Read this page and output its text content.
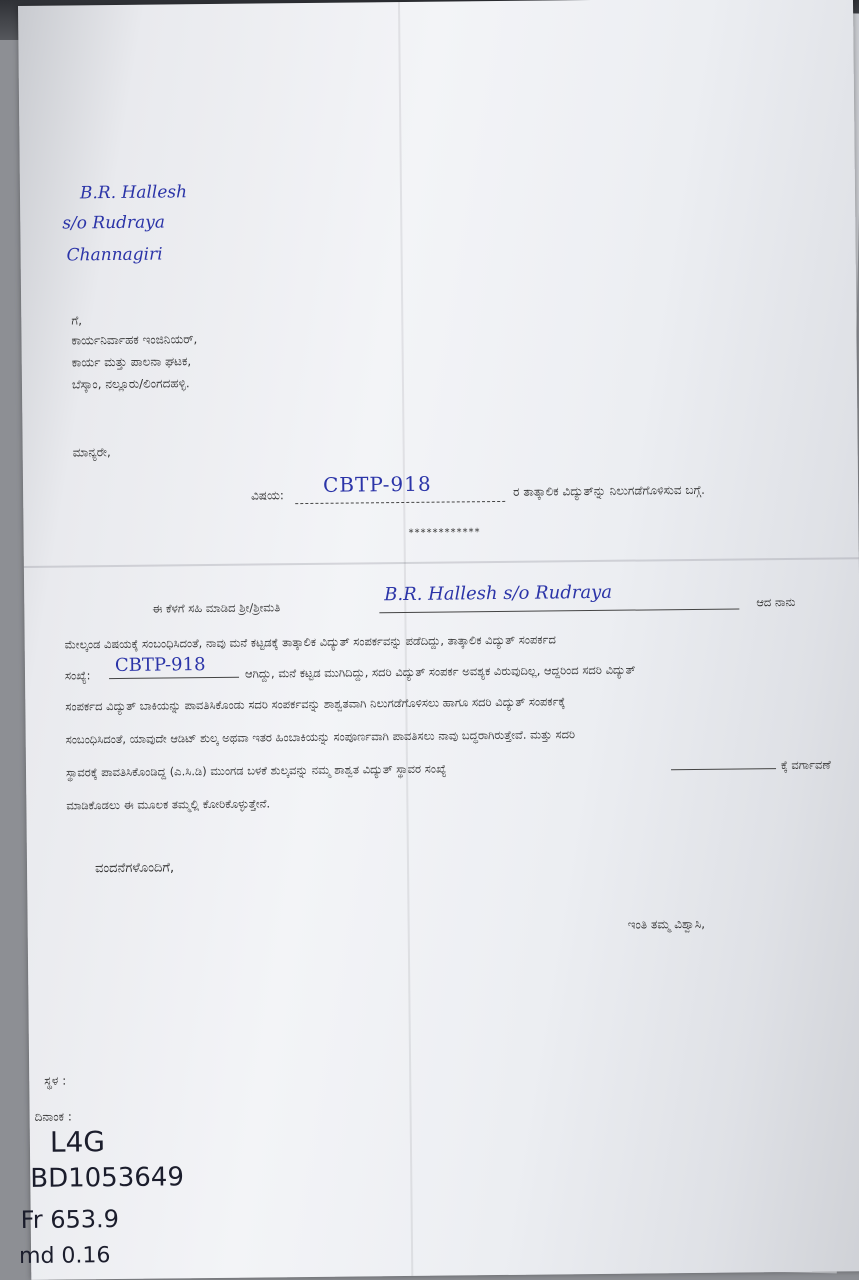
B.R. Hallesh
s/o Rudraya
Channagiri
ಗೆ,
ಕಾರ್ಯನಿರ್ವಾಹಕ ಇಂಜಿನಿಯರ್,
ಕಾರ್ಯ ಮತ್ತು ಪಾಲನಾ ಘಟಕ,
ಬೆಸ್ಕಾಂ, ನಲ್ಲೂರು/ಲಿಂಗದಹಳ್ಳಿ.
ಮಾನ್ಯರೇ,
ವಿಷಯ: CBTP-918	ರ ತಾತ್ಕಾಲಿಕ ವಿದ್ಯುತ್‌ನ್ನು ನಿಲುಗಡೆಗೊಳಿಸುವ ಬಗ್ಗೆ.
************
ಈ ಕೆಳಗೆ ಸಹಿ ಮಾಡಿದ ಶ್ರೀ/ಶ್ರೀಮತಿ
B.R. Hallesh s/o Rudraya	ಆದ ನಾನು
ಮೇಲ್ಕಂಡ ವಿಷಯಕ್ಕೆ ಸಂಬಂಧಿಸಿದಂತೆ, ನಾವು ಮನೆ ಕಟ್ಟಡಕ್ಕೆ ತಾತ್ಕಾಲಿಕ ವಿದ್ಯುತ್ ಸಂಪರ್ಕವನ್ನು ಪಡೆದಿದ್ದು, ತಾತ್ಕಾಲಿಕ ವಿದ್ಯುತ್ ಸಂಪರ್ಕದ
ಸಂಖ್ಯೆ: CBTP-918	ಆಗಿದ್ದು, ಮನೆ ಕಟ್ಟಡ ಮುಗಿದಿದ್ದು, ಸದರಿ ವಿದ್ಯುತ್ ಸಂಪರ್ಕ ಅವಶ್ಯಕ ವಿರುವುದಿಲ್ಲ, ಆದ್ದರಿಂದ ಸದರಿ ವಿದ್ಯುತ್
ಸಂಪರ್ಕದ ವಿದ್ಯುತ್ ಬಾಕಿಯನ್ನು ಪಾವತಿಸಿಕೊಂಡು ಸದರಿ ಸಂಪರ್ಕವನ್ನು ಶಾಶ್ವತವಾಗಿ ನಿಲುಗಡೆಗೊಳಿಸಲು ಹಾಗೂ ಸದರಿ ವಿದ್ಯುತ್ ಸಂಪರ್ಕಕ್ಕೆ
ಸಂಬಂಧಿಸಿದಂತೆ, ಯಾವುದೇ ಆಡಿಟ್ ಶುಲ್ಕ ಅಥವಾ ಇತರ ಹಿಂಬಾಕಿಯನ್ನು ಸಂಪೂರ್ಣವಾಗಿ ಪಾವತಿಸಲು ನಾವು ಬದ್ಧರಾಗಿರುತ್ತೇವೆ. ಮತ್ತು ಸದರಿ
ಸ್ಥಾವರಕ್ಕೆ ಪಾವತಿಸಿಕೊಂಡಿದ್ದ (ಎ.ಸಿ.ಡಿ) ಮುಂಗಡ ಬಳಕೆ ಶುಲ್ಕವನ್ನು ನಮ್ಮ ಶಾಶ್ವತ ವಿದ್ಯುತ್ ಸ್ಥಾವರ ಸಂಖ್ಯೆ	ಕ್ಕೆ ವರ್ಗಾವಣೆ
ಮಾಡಿಕೊಡಲು ಈ ಮೂಲಕ ತಮ್ಮಲ್ಲಿ ಕೋರಿಕೊಳ್ಳುತ್ತೇನೆ.
ವಂದನೆಗಳೊಂದಿಗೆ,
ಇಂತಿ ತಮ್ಮ ವಿಶ್ವಾಸಿ,
ಸ್ಥಳ :
ದಿನಾಂಕ :
L4G
BD1053649
Fr 653.9
md 0.16
